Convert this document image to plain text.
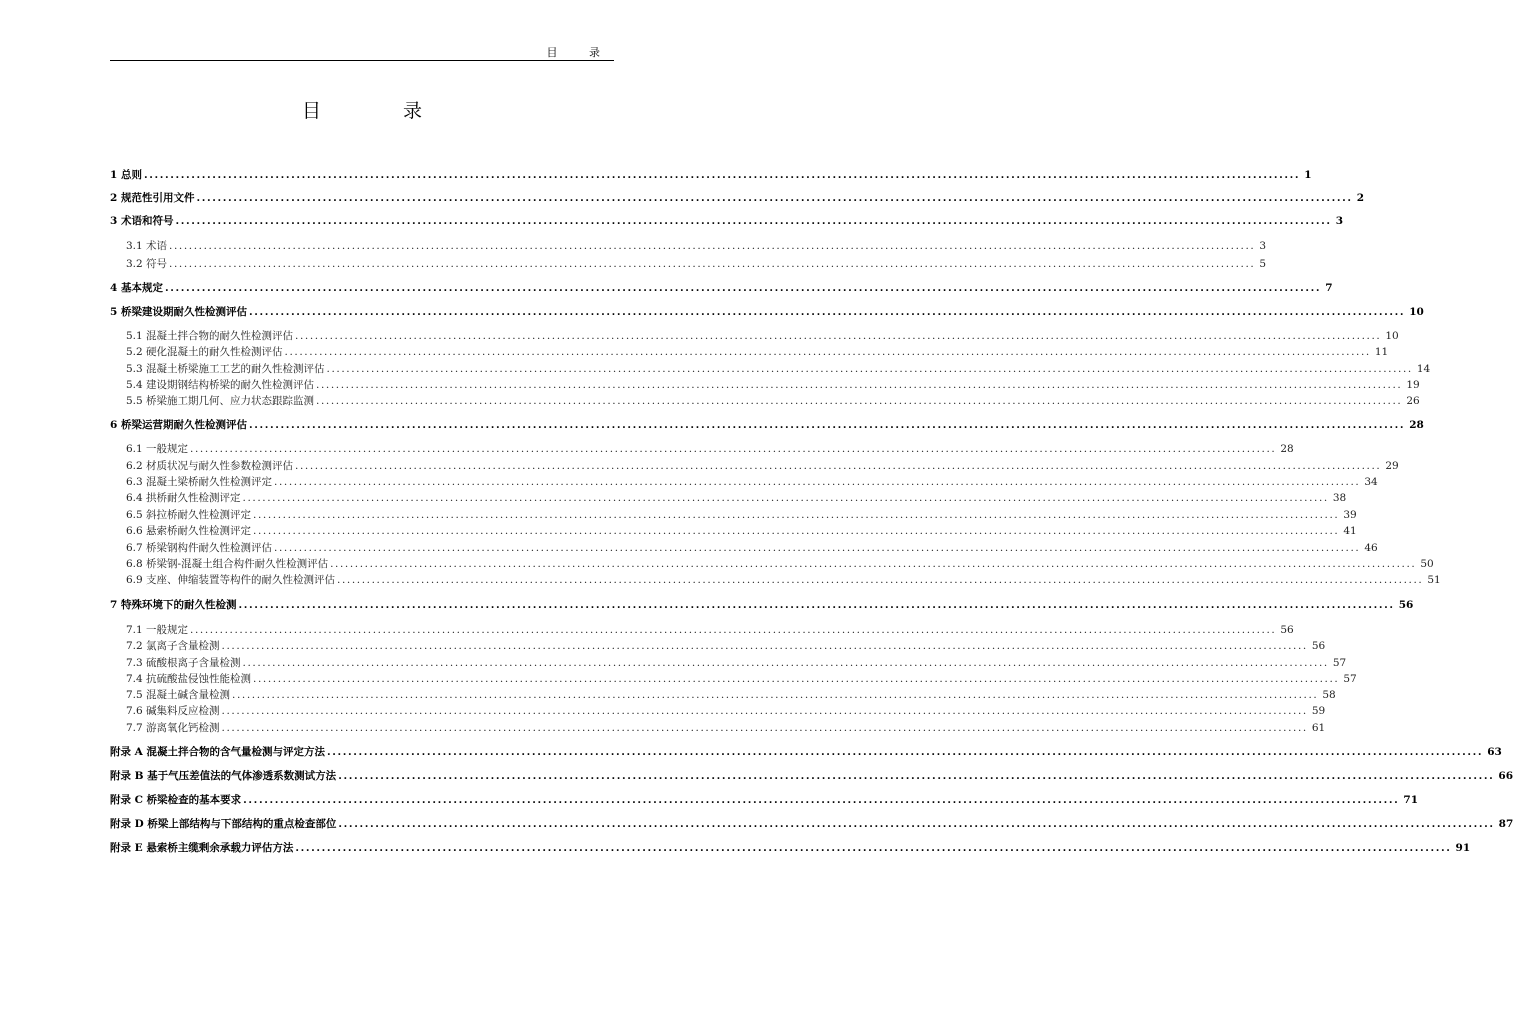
目 录
目 录
1 总则 ............................................................................................................................................................................................................................ 1
2 规范性引用文件 ............................................................................................................................................................................................................................ 2
3 术语和符号 ............................................................................................................................................................................................................................ 3
3.1 术语 ............................................................................................................................................................................................................................ 3
3.2 符号 ............................................................................................................................................................................................................................ 5
4 基本规定 ............................................................................................................................................................................................................................ 7
5 桥梁建设期耐久性检测评估 ............................................................................................................................................................................................................................ 10
5.1 混凝土拌合物的耐久性检测评估 ............................................................................................................................................................................................................................ 10
5.2 硬化混凝土的耐久性检测评估 ............................................................................................................................................................................................................................ 11
5.3 混凝土桥梁施工工艺的耐久性检测评估 ............................................................................................................................................................................................................................ 14
5.4 建设期钢结构桥梁的耐久性检测评估 ............................................................................................................................................................................................................................ 19
5.5 桥梁施工期几何、应力状态跟踪监测 ............................................................................................................................................................................................................................ 26
6 桥梁运营期耐久性检测评估 ............................................................................................................................................................................................................................ 28
6.1 一般规定 ............................................................................................................................................................................................................................ 28
6.2 材质状况与耐久性参数检测评估 ............................................................................................................................................................................................................................ 29
6.3 混凝土梁桥耐久性检测评定 ............................................................................................................................................................................................................................ 34
6.4 拱桥耐久性检测评定 ............................................................................................................................................................................................................................ 38
6.5 斜拉桥耐久性检测评定 ............................................................................................................................................................................................................................ 39
6.6 悬索桥耐久性检测评定 ............................................................................................................................................................................................................................ 41
6.7 桥梁钢构件耐久性检测评估 ............................................................................................................................................................................................................................ 46
6.8 桥梁钢-混凝土组合构件耐久性检测评估 ............................................................................................................................................................................................................................ 50
6.9 支座、伸缩装置等构件的耐久性检测评估 ............................................................................................................................................................................................................................ 51
7 特殊环境下的耐久性检测 ............................................................................................................................................................................................................................ 56
7.1 一般规定 ............................................................................................................................................................................................................................ 56
7.2 氯离子含量检测 ............................................................................................................................................................................................................................ 56
7.3 硫酸根离子含量检测 ............................................................................................................................................................................................................................ 57
7.4 抗硫酸盐侵蚀性能检测 ............................................................................................................................................................................................................................ 57
7.5 混凝土碱含量检测 ............................................................................................................................................................................................................................ 58
7.6 碱集料反应检测 ............................................................................................................................................................................................................................ 59
7.7 游离氧化钙检测 ............................................................................................................................................................................................................................ 61
附录 A 混凝土拌合物的含气量检测与评定方法 ............................................................................................................................................................................................................................ 63
附录 B 基于气压差值法的气体渗透系数测试方法 ............................................................................................................................................................................................................................ 66
附录 C 桥梁检查的基本要求 ............................................................................................................................................................................................................................ 71
附录 D 桥梁上部结构与下部结构的重点检查部位 ............................................................................................................................................................................................................................ 87
附录 E 悬索桥主缆剩余承载力评估方法 ............................................................................................................................................................................................................................ 91
